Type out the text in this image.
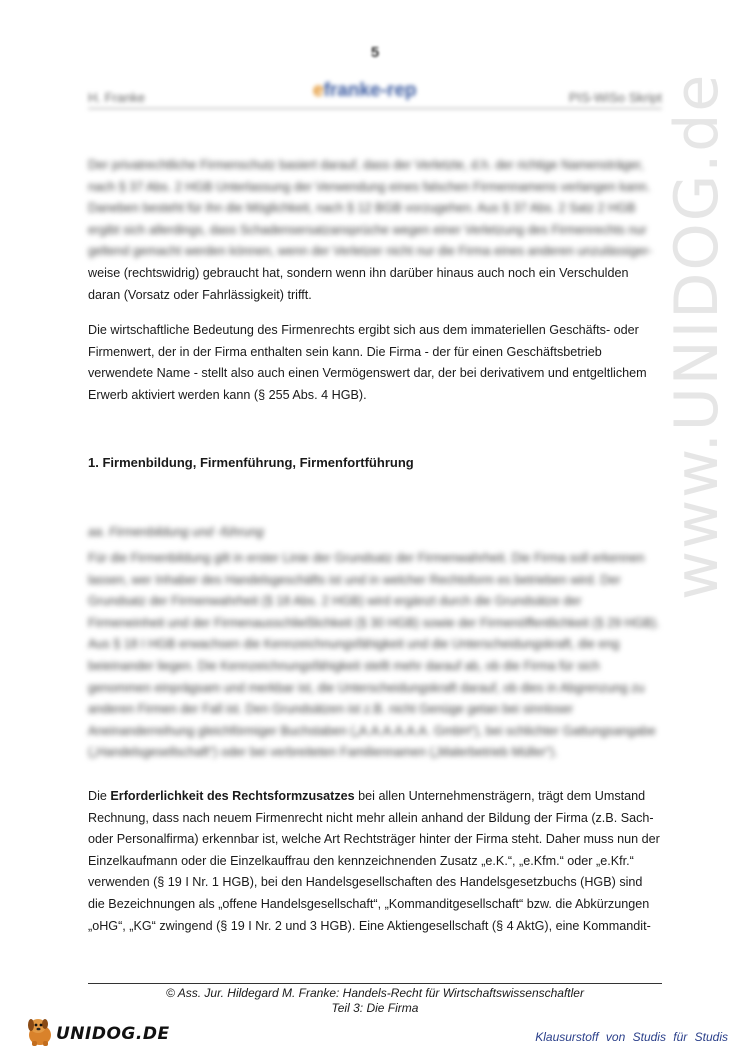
5
H. Franke	efranke-rep	PIS-WiSo Skript www.UNIDOG.de
Der privatrechtliche Firmenschutz basiert darauf, dass der Verletzte, d.h. der richtige Namensträger, nach § 37 Abs. 2 HGB Unterlassung der Verwendung eines falschen Firmennamens verlangen kann. Daneben besteht für ihn die Möglichkeit, nach § 12 BGB vorzugehen. Aus § 37 Abs. 2 Satz 2 HGB ergibt sich allerdings, dass Schadensersatzansprüche wegen einer Verletzung des Firmenrechts nur geltend gemacht werden können, wenn der Verletzer nicht nur die Firma eines anderen unzulässiger- weise (rechtswidrig) gebraucht hat, sondern wenn ihn darüber hinaus auch noch ein Verschulden daran (Vorsatz oder Fahrlässigkeit) trifft.
Die wirtschaftliche Bedeutung des Firmenrechts ergibt sich aus dem immateriellen Geschäfts- oder Firmenwert, der in der Firma enthalten sein kann. Die Firma - der für einen Geschäftsbetrieb verwendete Name - stellt also auch einen Vermögenswert dar, der bei derivativem und entgeltlichem Erwerb aktiviert werden kann (§ 255 Abs. 4 HGB).
1. Firmenbildung, Firmenführung, Firmenfortführung
aa. Firmenbildung und -führung
Für die Firmenbildung gilt in erster Linie der Grundsatz der Firmenwahrheit. Die Firma soll erkennen lassen, wer Inhaber des Handelsgeschäfts ist und in welcher Rechtsform es betrieben wird. Der Grundsatz der Firmenwahrheit (§ 18 Abs. 2 HGB) wird ergänzt durch die Grundsätze der Firmeneinheit und der Firmenausschließlichkeit (§ 30 HGB) sowie der Firmenöffentlichkeit (§ 29 HGB). Aus § 18 I HGB erwachsen die Kennzeichnungsfähigkeit und die Unterscheidungskraft, die eng beieinander liegen. Die Kennzeichnungsfähigkeit stellt mehr darauf ab, ob die Firma für sich genommen einprägsam und merkbar ist, die Unterscheidungskraft darauf, ob dies in Abgrenzung zu anderen Firmen der Fall ist. Den Grundsätzen ist z.B. nicht Genüge getan bei sinnloser Aneinanderreihung gleichförmiger Buchstaben („A.A.A.A.A.A. GmbH“), bei schlichter Gattungsangabe („Handelsgesellschaft“) oder bei verbreiteten Familiennamen („Malerbetrieb Müller“).
Die Erforderlichkeit des Rechtsformzusatzes bei allen Unternehmensträgern, trägt dem Umstand Rechnung, dass nach neuem Firmenrecht nicht mehr allein anhand der Bildung der Firma (z.B. Sach- oder Personalfirma) erkennbar ist, welche Art Rechtsträger hinter der Firma steht. Daher muss nun der Einzelkaufmann oder die Einzelkauffrau den kennzeichnenden Zusatz „e.K.“, „e.Kfm.“ oder „e.Kfr.“ verwenden (§ 19 I Nr. 1 HGB), bei den Handelsgesellschaften des Handelsgesetzbuchs (HGB) sind die Bezeichnungen als „offene Handelsgesellschaft“, „Kommanditgesellschaft“ bzw. die Abkürzungen „oHG“, „KG“ zwingend (§ 19 I Nr. 2 und 3 HGB). Eine Aktiengesellschaft (§ 4 AktG), eine Kommandit-
© Ass. Jur. Hildegard M. Franke: Handels-Recht für Wirtschaftswissenschaftler
Teil 3: Die Firma
UNIDOG.DE	Klausurstoff von Studis für Studis
